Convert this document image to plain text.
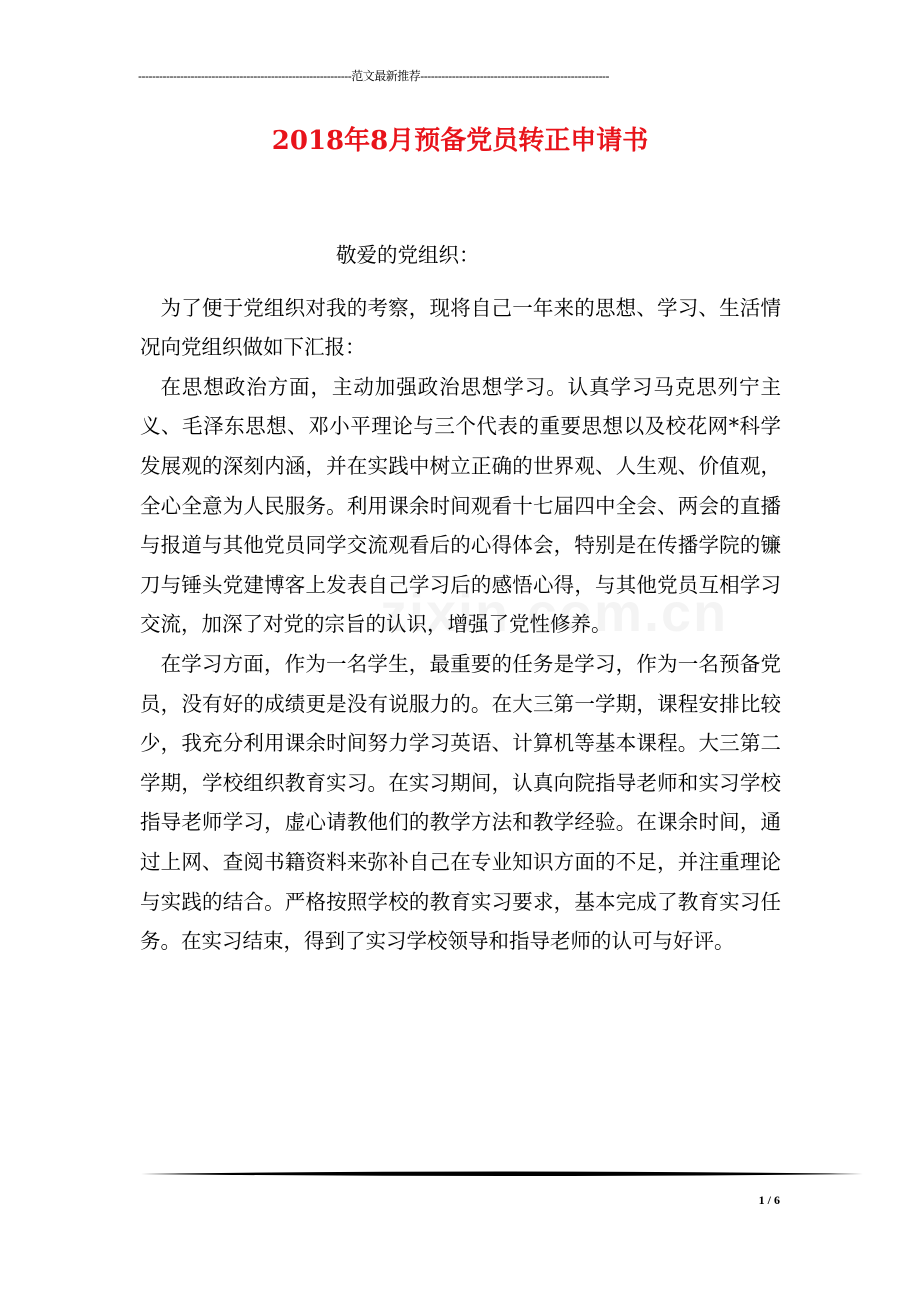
-------------------------------------------------------------范文最新推荐------------------------------------------------------
2018年8月预备党员转正申请书

敬爱的党组织：

为了便于党组织对我的考察，现将自己一年来的思想、学习、生活情况向党组织做如下汇报：

在思想政治方面，主动加强政治思想学习。认真学习马克思列宁主义、毛泽东思想、邓小平理论与三个代表的重要思想以及校花网*科学发展观的深刻内涵，并在实践中树立正确的世界观、人生观、价值观，全心全意为人民服务。利用课余时间观看十七届四中全会、两会的直播与报道与其他党员同学交流观看后的心得体会，特别是在传播学院的镰刀与锤头党建博客上发表自己学习后的感悟心得，与其他党员互相学习交流，加深了对党的宗旨的认识，增强了党性修养。

在学习方面，作为一名学生，最重要的任务是学习，作为一名预备党员，没有好的成绩更是没有说服力的。在大三第一学期，课程安排比较少，我充分利用课余时间努力学习英语、计算机等基本课程。大三第二学期，学校组织教育实习。在实习期间，认真向院指导老师和实习学校指导老师学习，虚心请教他们的教学方法和教学经验。在课余时间，通过上网、查阅书籍资料来弥补自己在专业知识方面的不足，并注重理论与实践的结合。严格按照学校的教育实习要求，基本完成了教育实习任务。在实习结束，得到了实习学校领导和指导老师的认可与好评。

1 / 6
